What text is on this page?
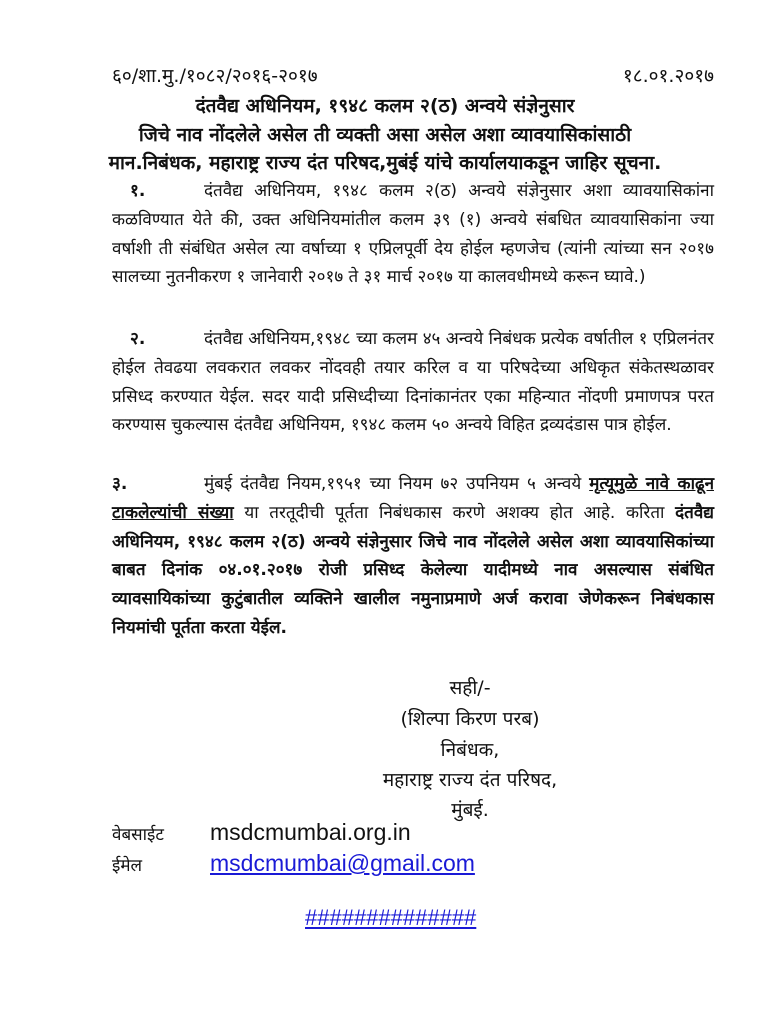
६०/शा.मु./१०८२/२०१६-२०१७	१८.०१.२०१७
दंतवैद्य अधिनियम, १९४८ कलम २(ठ) अन्वये संज्ञेनुसार
जिचे नाव नोंदलेले असेल ती व्यक्ती असा असेल अशा व्यावयासिकांसाठी
मान.निबंधक, महाराष्ट्र राज्य दंत परिषद,मुबंई यांचे कार्यालयाकडून जाहिर सूचना.
१.	दंतवैद्य अधिनियम, १९४८ कलम २(ठ) अन्वये संज्ञेनुसार अशा व्यावयासिकांना कळविण्यात येते की, उक्त अधिनियमांतील कलम ३९ (१) अन्वये संबधित व्यावयासिकांना ज्या वर्षाशी ती संबंधित असेल त्या वर्षाच्या १ एप्रिलपूर्वी देय होईल म्हणजेच (त्यांनी त्यांच्या सन २०१७ सालच्या नुतनीकरण १ जानेवारी २०१७ ते ३१ मार्च २०१७ या कालवधीमध्ये करून घ्यावे.)
२.	दंतवैद्य अधिनियम,१९४८ च्या कलम ४५ अन्वये निबंधक प्रत्येक वर्षातील १ एप्रिलनंतर होईल तेवढया लवकरात लवकर नोंदवही तयार करिल व या परिषदेच्या अधिकृत संकेतस्थळावर प्रसिध्द करण्यात येईल. सदर यादी प्रसिध्दीच्या दिनांकानंतर एका महिन्यात नोंदणी प्रमाणपत्र परत करण्यास चुकल्यास दंतवैद्य अधिनियम, १९४८ कलम ५० अन्वये विहित द्रव्यदंडास पात्र होईल.
३.	मुंबई दंतवैद्य नियम,१९५१ च्या नियम ७२ उपनियम ५ अन्वये मृत्यूमुळे नावे काढून टाकलेल्यांची संख्या या तरतूदीची पूर्तता निबंधकास करणे अशक्य होत आहे. करिता दंतवैद्य अधिनियम, १९४८ कलम २(ठ) अन्वये संज्ञेनुसार जिचे नाव नोंदलेले असेल अशा व्यावयासिकांच्या बाबत दिनांक ०४.०१.२०१७ रोजी प्रसिध्द केलेल्या यादीमध्ये नाव असल्यास संबंधित व्यावसायिकांच्या कुटुंबातील व्यक्तिने खालील नमुनाप्रमाणे अर्ज करावा जेणेकरून निबंधकास नियमांची पूर्तता करता येईल.
सही/-
(शिल्पा किरण परब)
निबंधक,
महाराष्ट्र राज्य दंत परिषद,
मुंबई.
वेबसाईट msdcmumbai.org.in
ईमेल	msdcmumbai@gmail.com
##############
